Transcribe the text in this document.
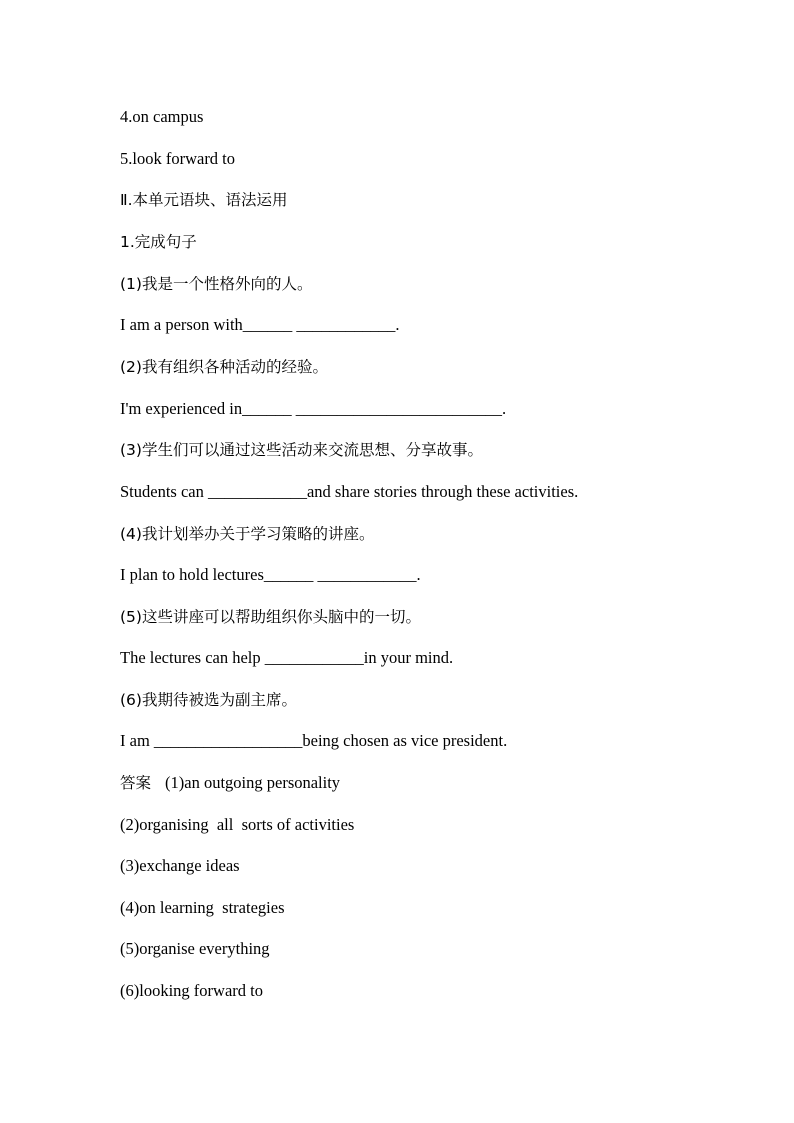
4.on campus

5.look forward to

Ⅱ.本单元语块、语法运用

1.完成句子

(1)我是一个性格外向的人。

I am a person with______ ____________.

(2)我有组织各种活动的经验。

I'm experienced in______ _________________________.

(3)学生们可以通过这些活动来交流思想、分享故事。

Students can ____________and share stories through these activities.

(4)我计划举办关于学习策略的讲座。

I plan to hold lectures______ ____________.

(5)这些讲座可以帮助组织你头脑中的一切。

The lectures can help ____________in your mind.

(6)我期待被选为副主席。

I am __________________being chosen as vice president.

答案 (1)an outgoing personality

(2)organising  all  sorts of activities

(3)exchange ideas

(4)on learning  strategies

(5)organise everything

(6)looking forward to
